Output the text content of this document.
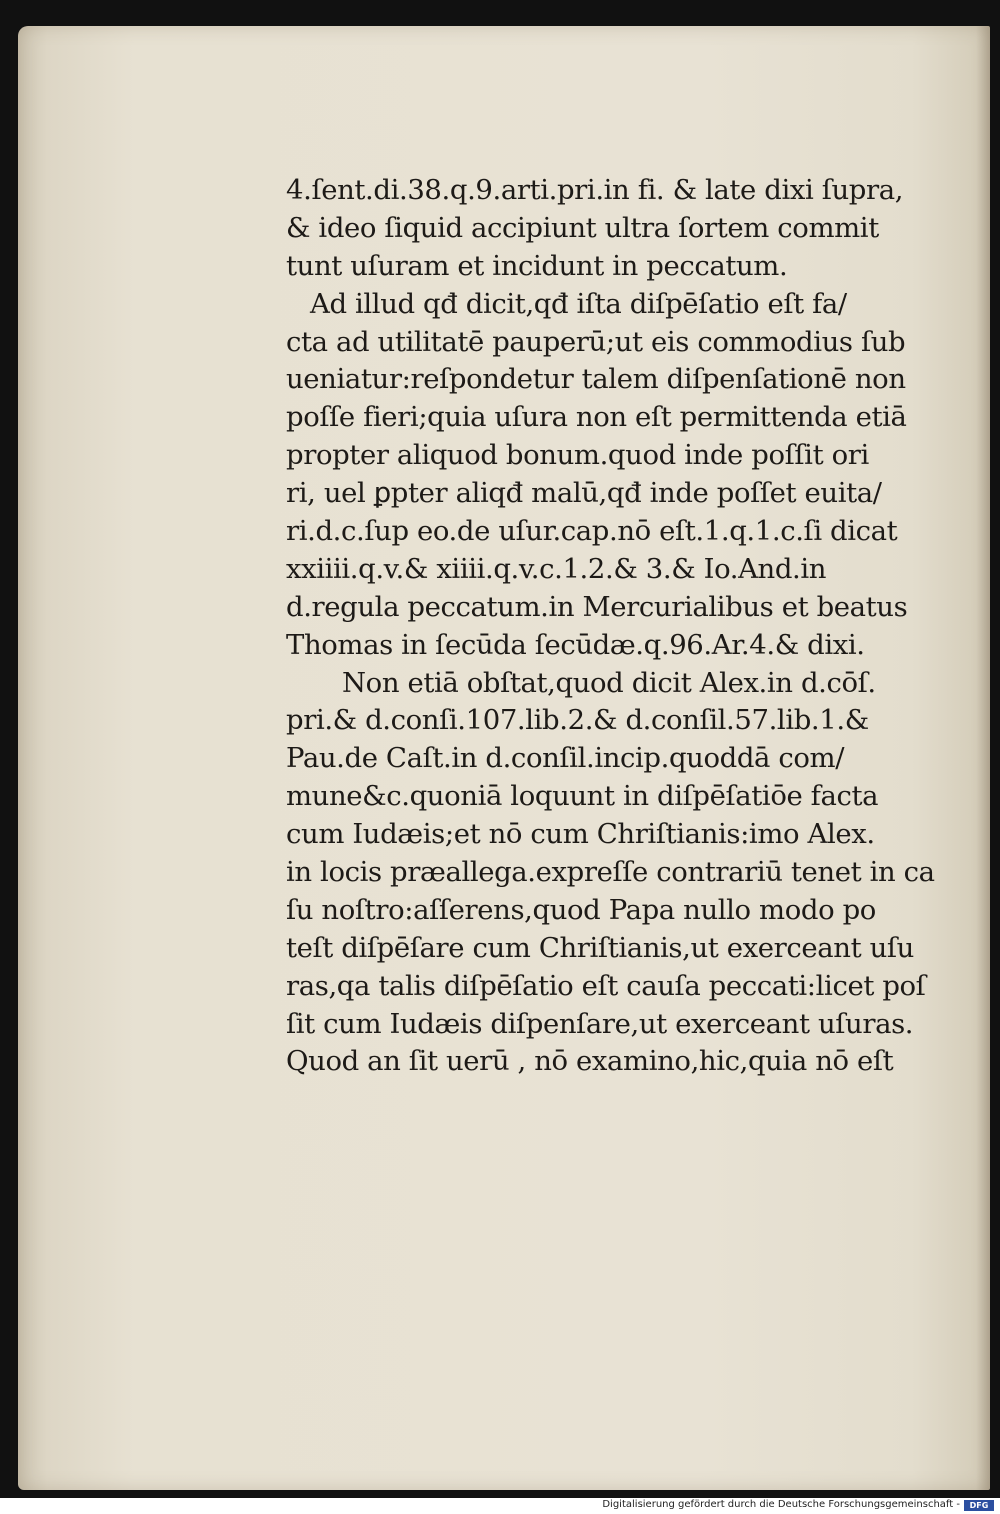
4.ſent.di.38.q.9.arti.pri.in fi. & late dixi ſupra,
& ideo ſiquid accipiunt ultra ſortem commit
tunt uſuram et incidunt in peccatum.
Ad illud qđ dicit,qđ iſta diſpēſatio eſt fa/
cta ad utilitatē pauperū;ut eis commodius ſub
ueniatur:reſpondetur talem diſpenſationē non
poſſe fieri;quia uſura non eſt permittenda etiā
propter aliquod bonum.quod inde poſſit ori
ri, uel ꝑpter aliqđ malū,qđ inde poſſet euita/
ri.d.c.ſup eo.de uſur.cap.nō eſt.1.q.1.c.ſi dicat
xxiiii.q.v.& xiiii.q.v.c.1.2.& 3.& Io.And.in
d.regula peccatum.in Mercurialibus et beatus
Thomas in ſecūda ſecūdæ.q.96.Ar.4.& dixi.
Non etiā obſtat,quod dicit Alex.in d.cōſ.
pri.& d.conſi.107.lib.2.& d.conſil.57.lib.1.&
Pau.de Caſt.in d.conſil.incip.quoddā com/
mune&c.quoniā loquunt in diſpēſatiōe facta
cum Iudæis;et nō cum Chriſtianis:imo Alex.
in locis præallega.expreſſe contrariū tenet in ca
ſu noſtro:aſſerens,quod Papa nullo modo po
teſt diſpēſare cum Chriſtianis,ut exerceant uſu
ras,qa talis diſpēſatio eſt cauſa peccati:licet poſ
ſit cum Iudæis diſpenſare,ut exerceant uſuras.
Quod an ſit uerū , nō examino,hic,quia nō eſt
Digitalisierung gefördert durch die Deutsche Forschungsgemeinschaft -	DFG
